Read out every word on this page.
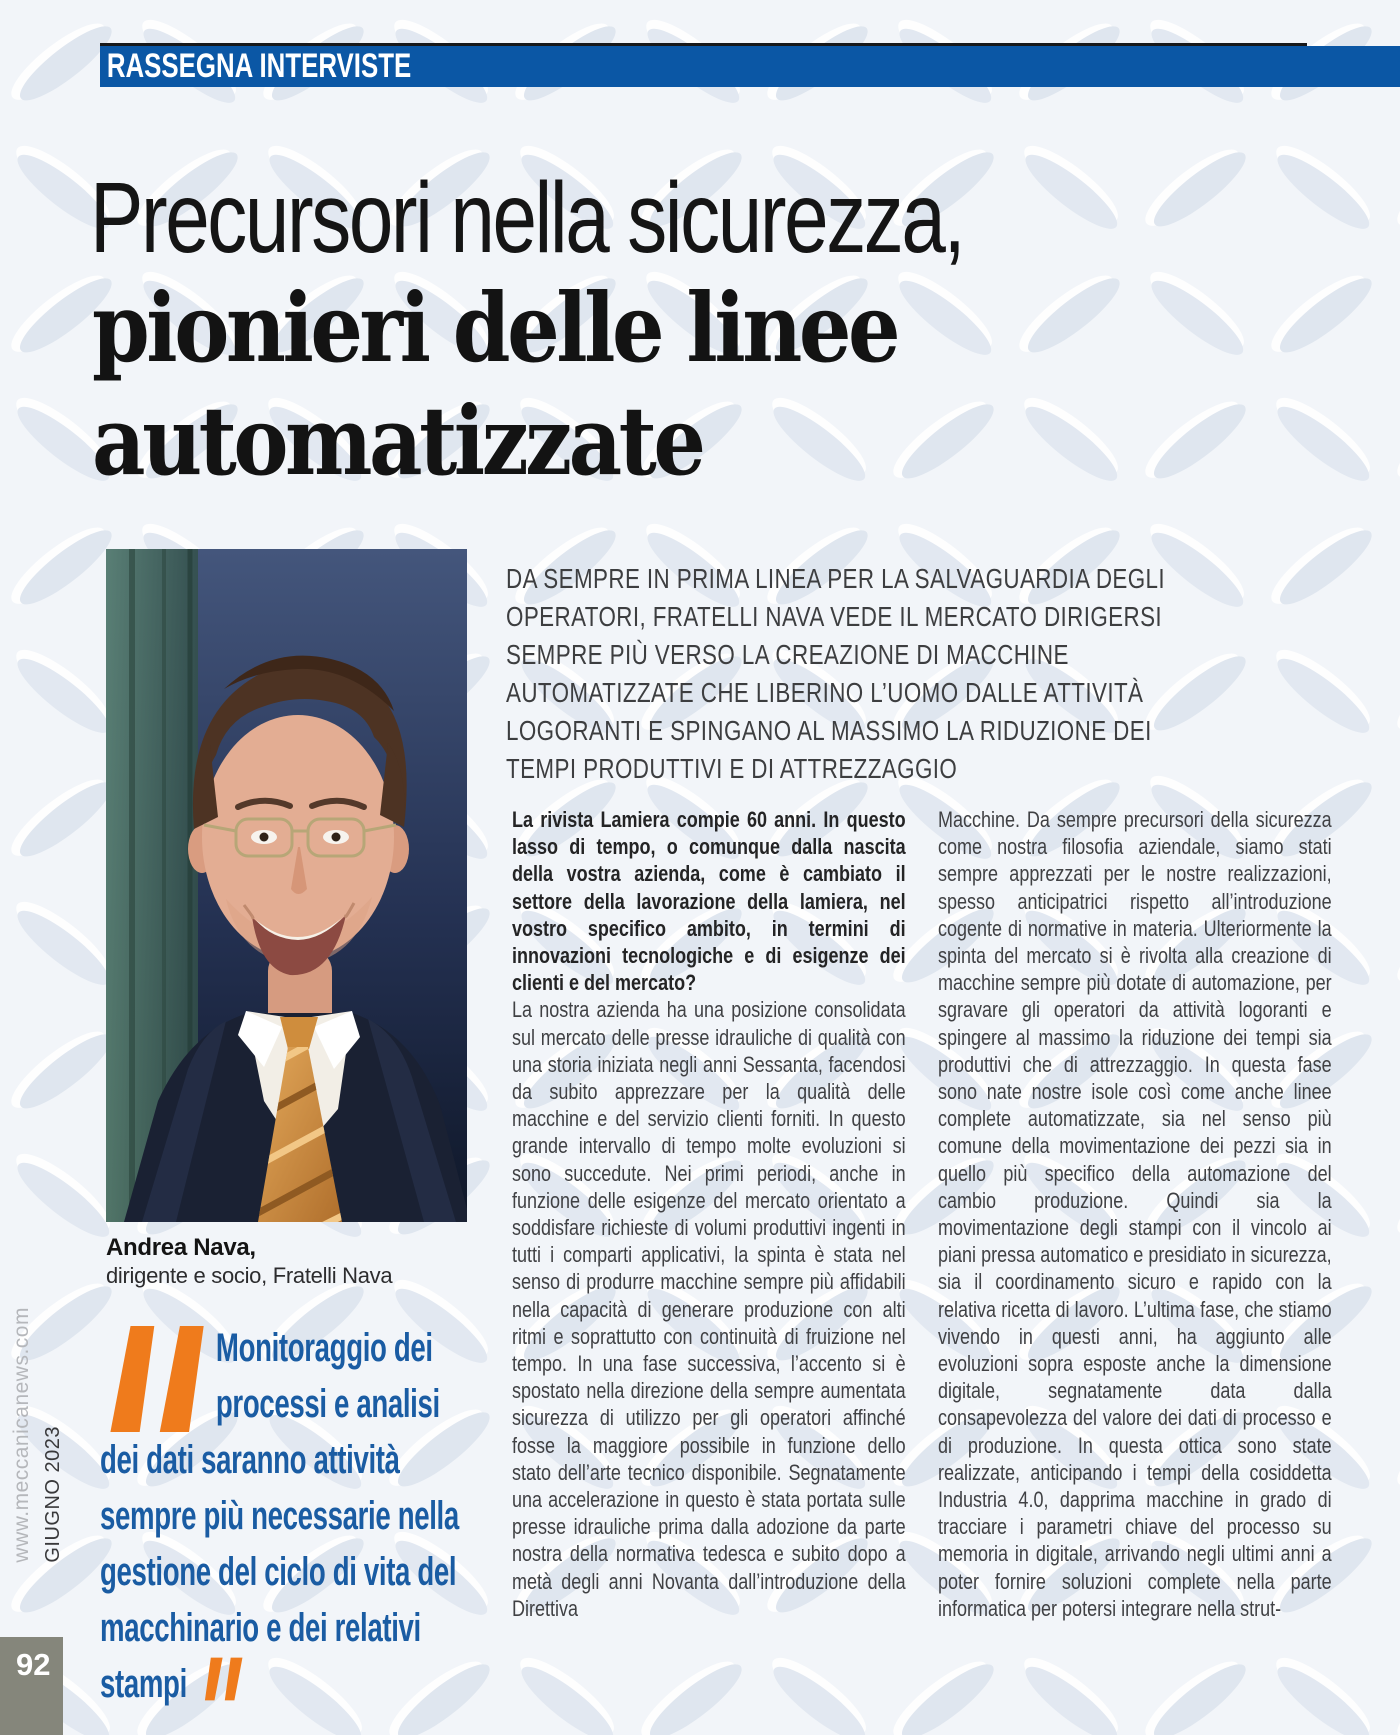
RASSEGNA INTERVISTE
Precursori nella sicurezza,
pionieri delle linee
automatizzate
DA SEMPRE IN PRIMA LINEA PER LA SALVAGUARDIA DEGLI OPERATORI, FRATELLI NAVA VEDE IL MERCATO DIRIGERSI SEMPRE PIÙ VERSO LA CREAZIONE DI MACCHINE AUTOMATIZZATE CHE LIBERINO L’UOMO DALLE ATTIVITÀ LOGORANTI E SPINGANO AL MASSIMO LA RIDUZIONE DEI TEMPI PRODUTTIVI E DI ATTREZZAGGIO
Andrea Nava,
dirigente e socio, Fratelli Nava
Monitoraggio dei processi e analisi dei dati saranno attività sempre più necessarie nella gestione del ciclo di vita del macchinario e dei relativi stampi

La rivista Lamiera compie 60 anni. In questo lasso di tempo, o comunque dalla nascita della vostra azienda, come è cambiato il settore della lavorazione della lamiera, nel vostro specifico ambito, in termini di innovazioni tecnologiche e di esigenze dei clienti e del mercato?

La nostra azienda ha una posizione consolidata sul mercato delle presse idrauliche di qualità con una storia iniziata negli anni Sessanta, facendosi da subito apprezzare per la qualità delle macchine e del servizio clienti forniti. In questo grande intervallo di tempo molte evoluzioni si sono succedute. Nei primi periodi, anche in funzione delle esigenze del mercato orientato a soddisfare richieste di volumi produttivi ingenti in tutti i comparti applicativi, la spinta è stata nel senso di produrre macchine sempre più affidabili nella capacità di generare produzione con alti ritmi e soprattutto con continuità di fruizione nel tempo. In una fase successiva, l’accento si è spostato nella direzione della sempre aumentata sicurezza di utilizzo per gli operatori affinché fosse la maggiore possibile in funzione dello stato dell’arte tecnico disponibile. Segnatamente una accelerazione in questo è stata portata sulle presse idrauliche prima dalla adozione da parte nostra della normativa tedesca e subito dopo a metà degli anni Novanta dall’introduzione della Direttiva

Macchine. Da sempre precursori della sicurezza come nostra filosofia aziendale, siamo stati sempre apprezzati per le nostre realizzazioni, spesso anticipatrici rispetto all’introduzione cogente di normative in materia. Ulteriormente la spinta del mercato si è rivolta alla creazione di macchine sempre più dotate di automazione, per sgravare gli operatori da attività logoranti e spingere al massimo la riduzione dei tempi sia produttivi che di attrezzaggio. In questa fase sono nate nostre isole così come anche linee complete automatizzate, sia nel senso più comune della movimentazione dei pezzi sia in quello più specifico della automazione del cambio produzione. Quindi sia la movimentazione degli stampi con il vincolo ai piani pressa automatico e presidiato in sicurezza, sia il coordinamento sicuro e rapido con la relativa ricetta di lavoro. L’ultima fase, che stiamo vivendo in questi anni, ha aggiunto alle evoluzioni sopra esposte anche la dimensione digitale, segnatamente data dalla consapevolezza del valore dei dati di processo e di produzione. In questa ottica sono state realizzate, anticipando i tempi della cosiddetta Industria 4.0, dapprima macchine in grado di tracciare i parametri chiave del processo su memoria in digitale, arrivando negli ultimi anni a poter fornire soluzioni complete nella parte informatica per potersi integrare nella strut-

www.meccanicanews.com GIUGNO 2023
92
